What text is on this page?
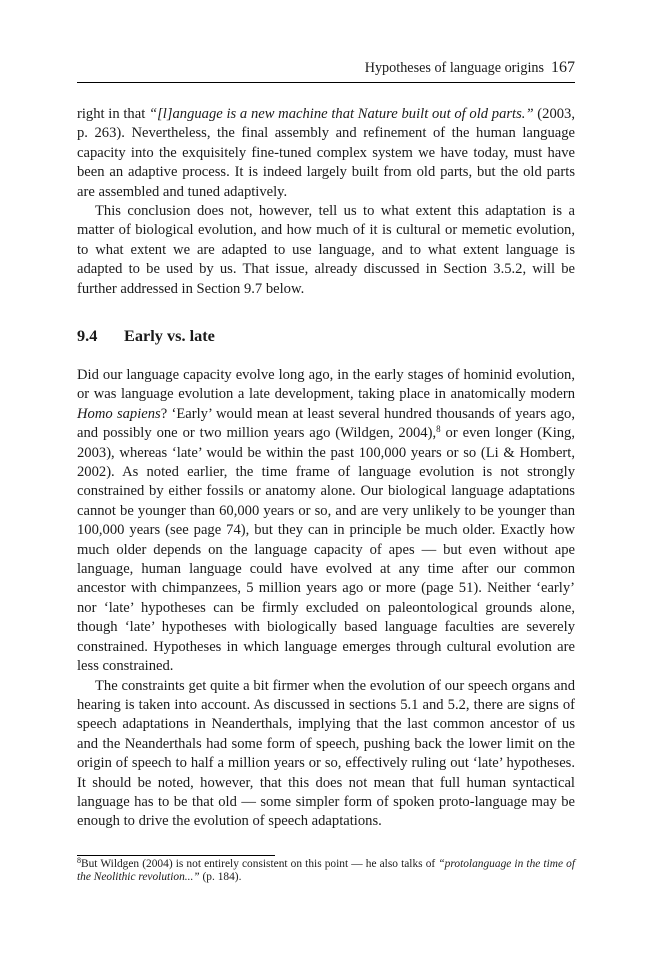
Hypotheses of language origins 167

right in that “[l]anguage is a new machine that Nature built out of old parts.” (2003, p. 263). Nevertheless, the final assembly and refinement of the human language capacity into the exquisitely fine-tuned complex system we have today, must have been an adaptive process. It is indeed largely built from old parts, but the old parts are assembled and tuned adaptively.

This conclusion does not, however, tell us to what extent this adaptation is a matter of biological evolution, and how much of it is cultural or memetic evolution, to what extent we are adapted to use language, and to what extent language is adapted to be used by us. That issue, already discussed in Section 3.5.2, will be further addressed in Section 9.7 below.

9.4 Early vs. late

Did our language capacity evolve long ago, in the early stages of hominid evolution, or was language evolution a late development, taking place in anatomically modern Homo sapiens? ‘Early’ would mean at least several hundred thousands of years ago, and possibly one or two million years ago (Wildgen, 2004),$^8$ or even longer (King, 2003), whereas ‘late’ would be within the past 100,000 years or so (Li & Hombert, 2002). As noted earlier, the time frame of language evolution is not strongly constrained by either fossils or anatomy alone. Our biological language adaptations cannot be younger than 60,000 years or so, and are very unlikely to be younger than 100,000 years (see page 74), but they can in principle be much older. Exactly how much older depends on the language capacity of apes — but even without ape language, human language could have evolved at any time after our common ancestor with chimpanzees, 5 million years ago or more (page 51). Neither ‘early’ nor ‘late’ hypotheses can be firmly excluded on paleontological grounds alone, though ‘late’ hypotheses with biologically based language faculties are severely constrained. Hypotheses in which language emerges through cultural evolution are less constrained.

The constraints get quite a bit firmer when the evolution of our speech organs and hearing is taken into account. As discussed in sections 5.1 and 5.2, there are signs of speech adaptations in Neanderthals, implying that the last common ancestor of us and the Neanderthals had some form of speech, pushing back the lower limit on the origin of speech to half a million years or so, effectively ruling out ‘late’ hypotheses. It should be noted, however, that this does not mean that full human syntactical language has to be that old — some simpler form of spoken proto-language may be enough to drive the evolution of speech adaptations.

$^8$But Wildgen (2004) is not entirely consistent on this point — he also talks of “protolanguage in the time of the Neolithic revolution...” (p. 184).
